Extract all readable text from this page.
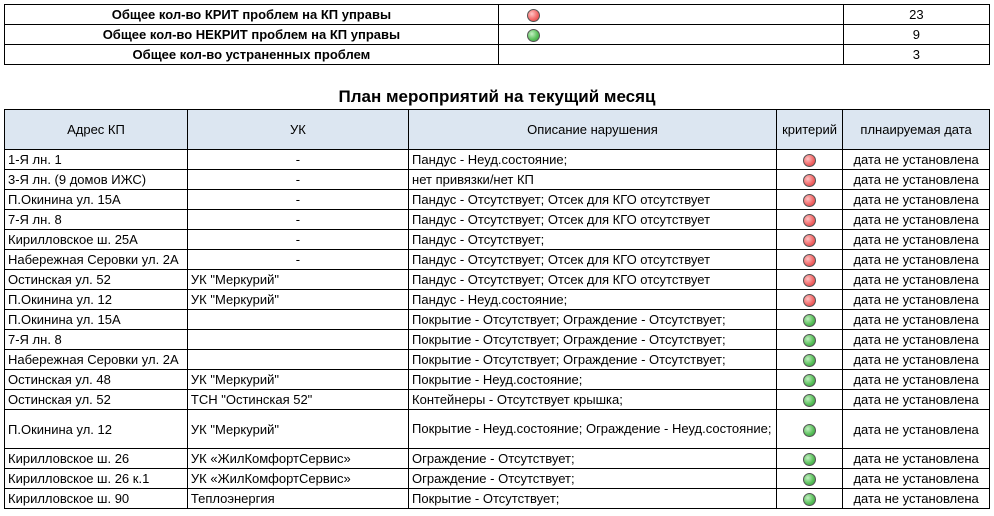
Общее кол-во КРИТ проблем на КП управы			23
Общее кол-во НЕКРИТ проблем на КП управы			9
Общее кол-во устраненных проблем			3
План мероприятий на текущий месяц
Адрес КП	УК	Описание нарушения	критерий	плнаируемая дата
1-Я лн. 1	-	Пандус - Неуд.состояние;		дата не установлена
3-Я лн. (9 домов ИЖС)	-	нет привязки/нет КП		дата не установлена
П.Окинина ул. 15А	-	Пандус - Отсутствует; Отсек для КГО отсутствует		дата не установлена
7-Я лн. 8	-	Пандус - Отсутствует; Отсек для КГО отсутствует		дата не установлена
Кирилловское ш. 25А	-	Пандус - Отсутствует;		дата не установлена
Набережная Серовки ул. 2А	-	Пандус - Отсутствует; Отсек для КГО отсутствует		дата не установлена
Остинская ул. 52	УК "Меркурий"	Пандус - Отсутствует; Отсек для КГО отсутствует		дата не установлена
П.Окинина ул. 12	УК "Меркурий"	Пандус - Неуд.состояние;		дата не установлена
П.Окинина ул. 15А		Покрытие - Отсутствует; Ограждение - Отсутствует;		дата не установлена
7-Я лн. 8		Покрытие - Отсутствует; Ограждение - Отсутствует;		дата не установлена
Набережная Серовки ул. 2А		Покрытие - Отсутствует; Ограждение - Отсутствует;		дата не установлена
Остинская ул. 48	УК "Меркурий"	Покрытие - Неуд.состояние;		дата не установлена
Остинская ул. 52	ТСН "Остинская 52"	Контейнеры - Отсутствует крышка;		дата не установлена
П.Окинина ул. 12	УК "Меркурий"	Покрытие - Неуд.состояние; Ограждение - Неуд.состояние;		дата не установлена
Кирилловское ш. 26	УК «ЖилКомфортСервис»	Ограждение - Отсутствует;		дата не установлена
Кирилловское ш. 26 к.1	УК «ЖилКомфортСервис»	Ограждение - Отсутствует;		дата не установлена
Кирилловское ш. 90	Теплоэнергия	Покрытие - Отсутствует;		дата не установлена
